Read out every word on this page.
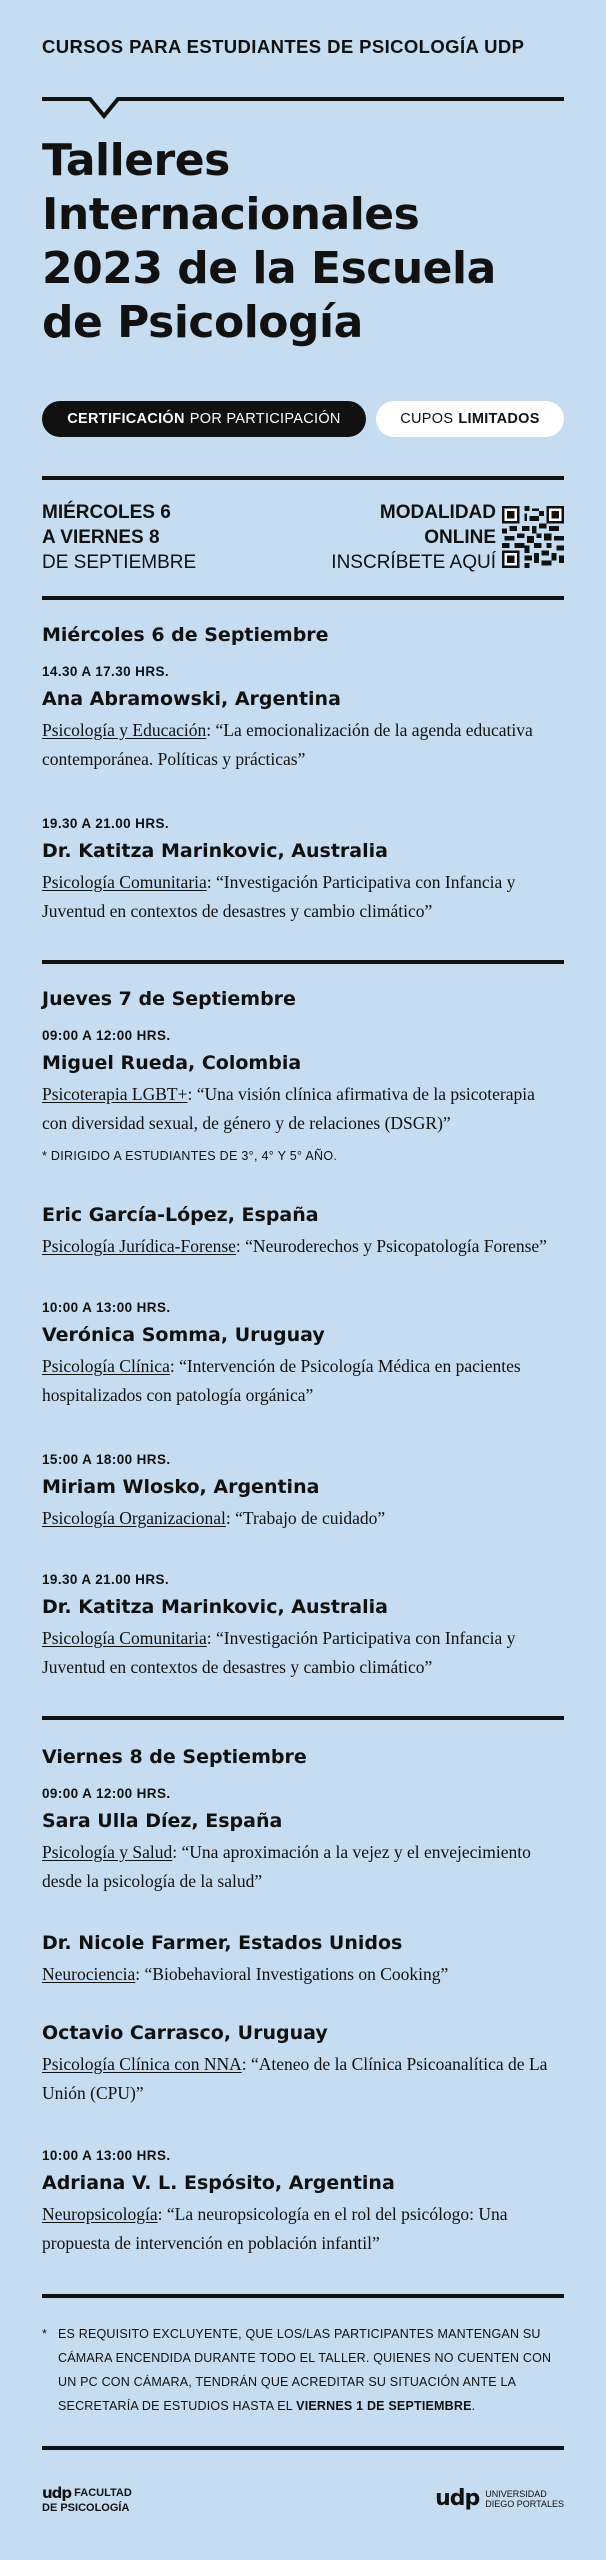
CURSOS PARA ESTUDIANTES DE PSICOLOGÍA UDP
Talleres
Internacionales
2023 de la Escuela
de Psicología
CERTIFICACIÓN POR PARTICIPACIÓN	CUPOS LIMITADOS
MIÉRCOLES 6
A VIERNES 8
DE SEPTIEMBRE
MODALIDAD
ONLINE
INSCRÍBETE AQUÍ
Miércoles 6 de Septiembre
14.30 A 17.30 HRS.
Ana Abramowski, Argentina
Psicología y Educación: “La emocionalización de la agenda educativa contemporánea. Políticas y prácticas”
19.30 A 21.00 HRS.
Dr. Katitza Marinkovic, Australia
Psicología Comunitaria: “Investigación Participativa con Infancia y Juventud en contextos de desastres y cambio climático”
Jueves 7 de Septiembre
09:00 A 12:00 HRS.
Miguel Rueda, Colombia
Psicoterapia LGBT+: “Una visión clínica afirmativa de la psicoterapia con diversidad sexual, de género y de relaciones (DSGR)”
* DIRIGIDO A ESTUDIANTES DE 3°, 4° Y 5° AÑO.
Eric García-López, España
Psicología Jurídica-Forense: “Neuroderechos y Psicopatología Forense”
10:00 A 13:00 HRS.
Verónica Somma, Uruguay
Psicología Clínica: “Intervención de Psicología Médica en pacientes hospitalizados con patología orgánica”
15:00 A 18:00 HRS.
Miriam Wlosko, Argentina
Psicología Organizacional: “Trabajo de cuidado”
19.30 A 21.00 HRS.
Dr. Katitza Marinkovic, Australia
Psicología Comunitaria: “Investigación Participativa con Infancia y Juventud en contextos de desastres y cambio climático”
Viernes 8 de Septiembre
09:00 A 12:00 HRS.
Sara Ulla Díez, España
Psicología y Salud: “Una aproximación a la vejez y el envejecimiento desde la psicología de la salud”
Dr. Nicole Farmer, Estados Unidos
Neurociencia: “Biobehavioral Investigations on Cooking”
Octavio Carrasco, Uruguay
Psicología Clínica con NNA: “Ateneo de la Clínica Psicoanalítica de La Unión (CPU)”
10:00 A 13:00 HRS.
Adriana V. L. Espósito, Argentina
Neuropsicología: “La neuropsicología en el rol del psicólogo: Una propuesta de intervención en población infantil”
* ES REQUISITO EXCLUYENTE, QUE LOS/LAS PARTICIPANTES MANTENGAN SU CÁMARA ENCENDIDA DURANTE TODO EL TALLER. QUIENES NO CUENTEN CON UN PC CON CÁMARA, TENDRÁN QUE ACREDITAR SU SITUACIÓN ANTE LA SECRETARÍA DE ESTUDIOS HASTA EL VIERNES 1 DE SEPTIEMBRE.
udp FACULTAD
DE PSICOLOGÍA	udp UNIVERSIDAD
DIEGO PORTALES
